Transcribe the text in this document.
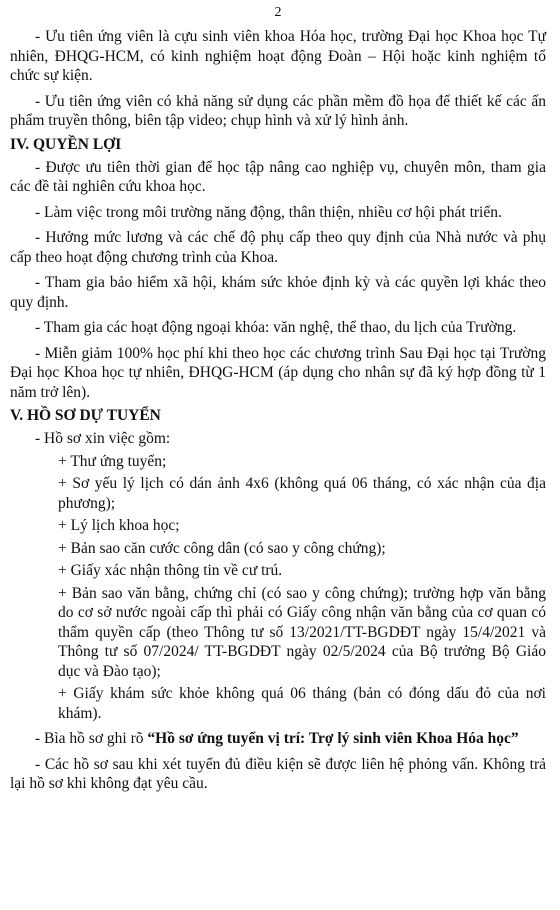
2

- Ưu tiên ứng viên là cựu sinh viên khoa Hóa học, trường Đại học Khoa học Tự nhiên, ĐHQG-HCM, có kinh nghiệm hoạt động Đoàn – Hội hoặc kinh nghiệm tổ chức sự kiện.

- Ưu tiên ứng viên có khả năng sử dụng các phần mềm đồ họa để thiết kế các ấn phẩm truyền thông, biên tập video; chụp hình và xử lý hình ảnh.

IV. QUYỀN LỢI

- Được ưu tiên thời gian để học tập nâng cao nghiệp vụ, chuyên môn, tham gia các đề tài nghiên cứu khoa học.

- Làm việc trong môi trường năng động, thân thiện, nhiều cơ hội phát triển.

- Hưởng mức lương và các chế độ phụ cấp theo quy định của Nhà nước và phụ cấp theo hoạt động chương trình của Khoa.

- Tham gia bảo hiểm xã hội, khám sức khỏe định kỳ và các quyền lợi khác theo quy định.

- Tham gia các hoạt động ngoại khóa: văn nghệ, thể thao, du lịch của Trường.

- Miễn giảm 100% học phí khi theo học các chương trình Sau Đại học tại Trường Đại học Khoa học tự nhiên, ĐHQG-HCM (áp dụng cho nhân sự đã ký hợp đồng từ 1 năm trở lên).

V. HỒ SƠ DỰ TUYỂN

- Hồ sơ xin việc gồm:

+ Thư ứng tuyển;

+ Sơ yếu lý lịch có dán ảnh 4x6 (không quá 06 tháng, có xác nhận của địa phương);

+ Lý lịch khoa học;

+ Bản sao căn cước công dân (có sao y công chứng);

+ Giấy xác nhận thông tin về cư trú.

+ Bản sao văn bằng, chứng chỉ (có sao y công chứng); trường hợp văn bằng do cơ sở nước ngoài cấp thì phải có Giấy công nhận văn bằng của cơ quan có thẩm quyền cấp (theo Thông tư số 13/2021/TT-BGDĐT ngày 15/4/2021 và Thông tư số 07/2024/ TT-BGDĐT ngày 02/5/2024 của Bộ trưởng Bộ Giáo dục và Đào tạo);

+ Giấy khám sức khỏe không quá 06 tháng (bản có đóng dấu đỏ của nơi khám).

- Bìa hồ sơ ghi rõ “Hồ sơ ứng tuyển vị trí: Trợ lý sinh viên Khoa Hóa học”

- Các hồ sơ sau khi xét tuyển đủ điều kiện sẽ được liên hệ phỏng vấn. Không trả lại hồ sơ khi không đạt yêu cầu.
